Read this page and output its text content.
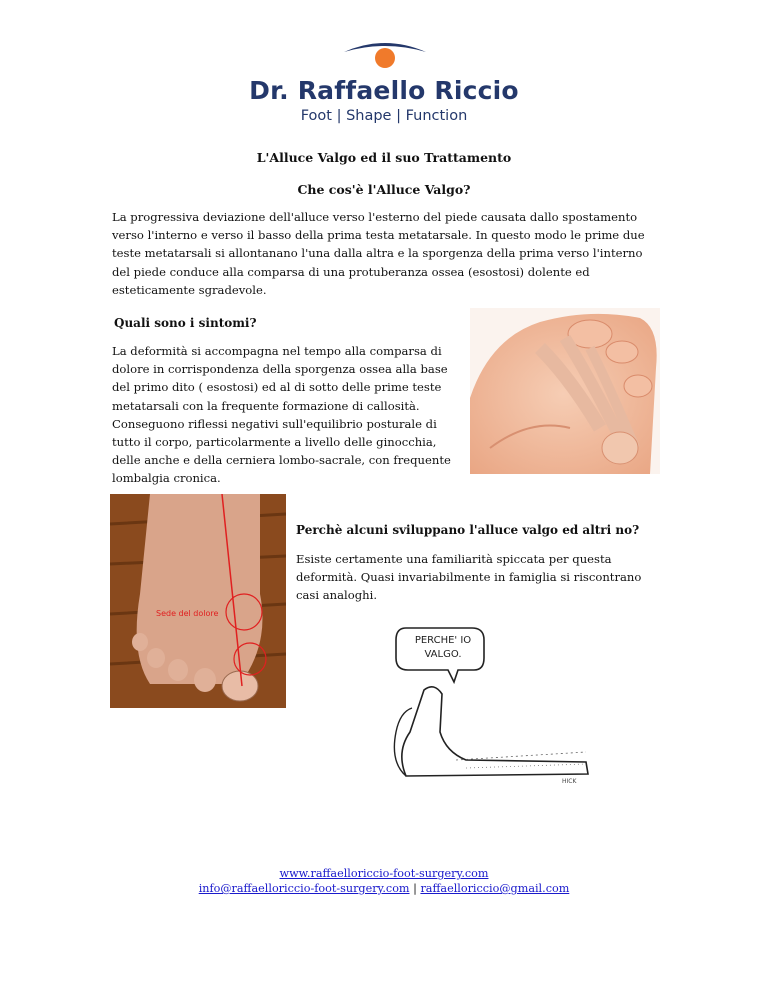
Dr. Raffaello Riccio
Foot | Shape | Function
L'Alluce Valgo ed il suo Trattamento
Che cos'è l'Alluce Valgo?
La progressiva deviazione dell'alluce verso l'esterno del piede causata dallo spostamento verso l'interno e verso il basso della prima testa metatarsale. In questo modo le prime due teste metatarsali si allontanano l'una dalla altra e la sporgenza della prima verso l'interno del piede conduce alla comparsa di una protuberanza ossea (esostosi) dolente ed esteticamente sgradevole.
Quali sono i sintomi?
La deformità si accompagna nel tempo alla comparsa di dolore in corrispondenza della sporgenza ossea alla base del primo dito ( esostosi) ed al di sotto delle prime teste metatarsali con la frequente formazione di callosità. Conseguono riflessi negativi sull'equilibrio posturale di tutto il corpo, particolarmente a livello delle ginocchia, delle anche e della cerniera lombo-sacrale, con frequente lombalgia cronica.
Sede del dolore
Perchè alcuni sviluppano l'alluce valgo ed altri no?
Esiste certamente una familiarità spiccata per questa deformità. Quasi invariabilmente in famiglia si riscontrano casi analoghi.
PERCHE' IO VALGO.
HICK
www.raffaelloriccio-foot-surgery.com
info@raffaelloriccio-foot-surgery.com | raffaelloriccio@gmail.com
